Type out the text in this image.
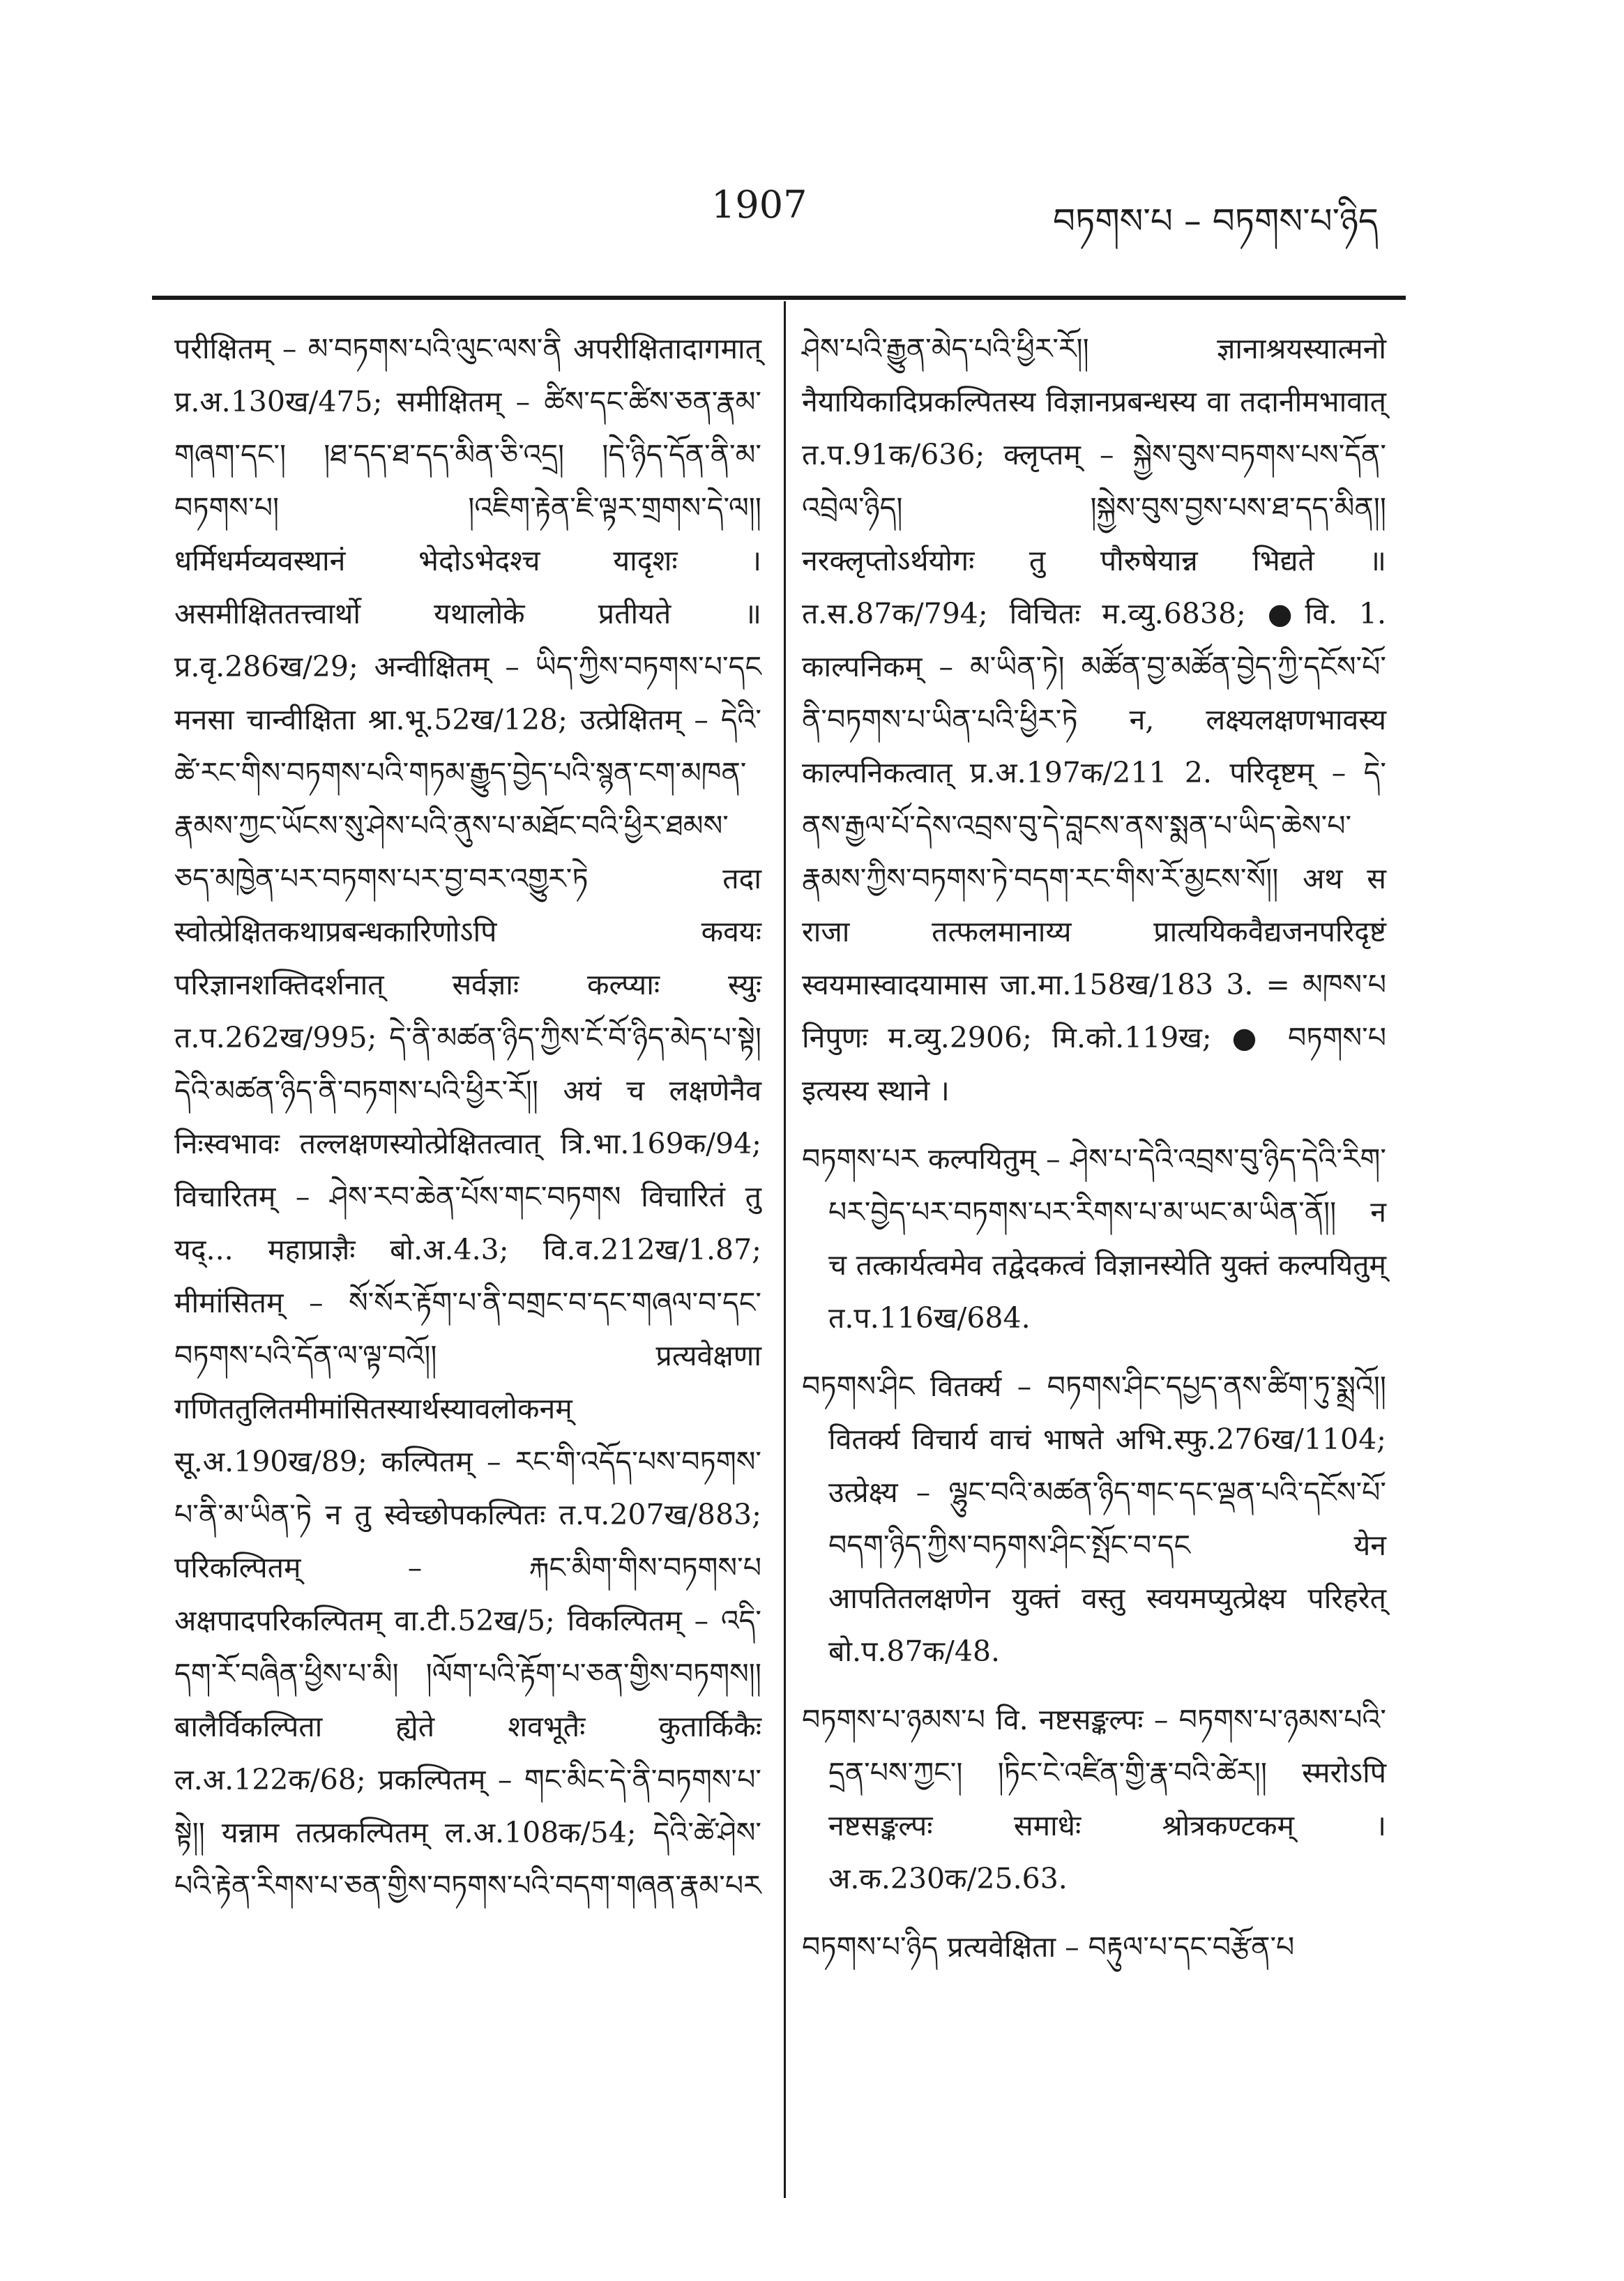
1907	བཏགས་པ – བཏགས་པ་ཉིད

परीक्षितम् – མ་བཏགས་པའི་ལུང་ལས་ནི अपरीक्षितादागमात् प्र.अ.130ख/475; समीक्षितम् – ཚིས་དང་ཚིས་ཅན་རྣམ་གཞག་དང་། །ཐ་དད་ཐ་དད་མིན་ཅི་འདྲ། །དེ་ཉིད་དོན་ནི་མ་བཏགས་པ། །འཇིག་རྟེན་ཇི་ལྟར་གྲགས་དེ་ལ།། धर्मिधर्मव्यवस्थानं भेदोऽभेदश्च यादृशः । असमीक्षिततत्त्वार्थो यथालोके प्रतीयते ॥ प्र.वृ.286ख/29; अन्वीक्षितम् – ཡིད་ཀྱིས་བཏགས་པ་དང मनसा चान्वीक्षिता श्रा.भू.52ख/128; उत्प्रेक्षितम् – དེའི་ཚེ་རང་གིས་བཏགས་པའི་གཏམ་རྒྱུད་བྱེད་པའི་སྙན་ངག་མཁན་རྣམས་ཀྱང་ཡོངས་སུ་ཤེས་པའི་ནུས་པ་མཐོང་བའི་ཕྱིར་ཐམས་ཅད་མཁྱེན་པར་བཏགས་པར་བྱ་བར་འགྱུར་ཏེ तदा स्वोत्प्रेक्षितकथाप्रबन्धकारिणोऽपि कवयः परिज्ञानशक्तिदर्शनात् सर्वज्ञाः कल्प्याः स्युः त.प.262ख/995; དེ་ནི་མཚན་ཉིད་ཀྱིས་ངོ་བོ་ཉིད་མེད་པ་སྟེ། དེའི་མཚན་ཉིད་ནི་བཏགས་པའི་ཕྱིར་རོ།། अयं च लक्षणेनैव निःस्वभावः तल्लक्षणस्योत्प्रेक्षितत्वात् त्रि.भा.169क/94; विचारितम् – ཤེས་རབ་ཆེན་པོས་གང་བཏགས विचारितं तु यद्... महाप्राज्ञैः बो.अ.4.3; वि.व.212ख/1.87; मीमांसितम् – སོ་སོར་རྟོག་པ་ནི་བགྲང་བ་དང་གཞལ་བ་དང་བཏགས་པའི་དོན་ལ་ལྟ་བའོ།། प्रत्यवेक्षणा गणिततुलितमीमांसितस्यार्थस्यावलोकनम् सू.अ.190ख/89; कल्पितम् – རང་གི་འདོད་པས་བཏགས་པ་ནི་མ་ཡིན་ཏེ न तु स्वेच्छोपकल्पितः त.प.207ख/883; परिकल्पितम् – རྐང་མིག་གིས་བཏགས་པ अक्षपादपरिकल्पितम् वा.टी.52ख/5; विकल्पितम् – འདི་དག་རོ་བཞིན་ཕྱིས་པ་མི། །ལོག་པའི་རྟོག་པ་ཅན་གྱིས་བཏགས།། बालैर्विकल्पिता ह्येते शवभूतैः कुतार्किकैः ल.अ.122क/68; प्रकल्पितम् – གང་མིང་དེ་ནི་བཏགས་པ་སྟེ།། यन्नाम तत्प्रकल्पितम् ल.अ.108क/54; དེའི་ཚེ་ཤེས་པའི་རྟེན་རིགས་པ་ཅན་གྱིས་བཏགས་པའི་བདག་གཞན་རྣམ་པར

ཤེས་པའི་རྒྱུན་མེད་པའི་ཕྱིར་རོ།། ज्ञानाश्रयस्यात्मनो नैयायिकादिप्रकल्पितस्य विज्ञानप्रबन्धस्य वा तदानीमभावात् त.प.91क/636; क्लृप्तम् – སྐྱེས་བུས་བཏགས་པས་དོན་འབྲེལ་ཉིད། །སྐྱེས་བུས་བྱས་པས་ཐ་དད་མིན།། नरक्लृप्तोऽर्थयोगः तु पौरुषेयान्न भिद्यते ॥ त.स.87क/794; विचितः म.व्यु.6838; ●वि. 1. काल्पनिकम् – མ་ཡིན་ཏེ། མཚོན་བྱ་མཚོན་བྱེད་ཀྱི་དངོས་པོ་ནི་བཏགས་པ་ཡིན་པའི་ཕྱིར་ཏེ न, लक्ष्यलक्षणभावस्य काल्पनिकत्वात् प्र.अ.197क/211 2. परिदृष्टम् – དེ་ནས་རྒྱལ་པོ་དེས་འབྲས་བུ་དེ་བླངས་ནས་སྨན་པ་ཡིད་ཆེས་པ་རྣམས་ཀྱིས་བཏགས་ཏེ་བདག་རང་གིས་རོ་མྱངས་སོ།། अथ स राजा तत्फलमानाय्य प्रात्ययिकवैद्यजनपरिदृष्टं स्वयमास्वादयामास जा.मा.158ख/183 3. = མཁས་པ निपुणः म.व्यु.2906; मि.को.119ख; ● བཏགས་པ इत्यस्य स्थाने ।

བཏགས་པར कल्पयितुम् – ཤེས་པ་དེའི་འབྲས་བུ་ཉིད་དེའི་རིག་པར་བྱེད་པར་བཏགས་པར་རིགས་པ་མ་ཡང་མ་ཡིན་ནོ།། न च तत्कार्यत्वमेव तद्वेदकत्वं विज्ञानस्येति युक्तं कल्पयितुम् त.प.116ख/684.

བཏགས་ཤིང वितर्क्य – བཏགས་ཤིང་དཔྱད་ནས་ཚིག་ཏུ་སྨྲའོ།། वितर्क्य विचार्य वाचं भाषते अभि.स्फु.276ख/1104; उत्प्रेक्ष्य – ལྷུང་བའི་མཚན་ཉིད་གང་དང་ལྡན་པའི་དངོས་པོ་བདག་ཉིད་ཀྱིས་བཏགས་ཤིང་སྤོང་བ་དང येन आपतितलक्षणेन युक्तं वस्तु स्वयमप्युत्प्रेक्ष्य परिहरेत् बो.प.87क/48.

བཏགས་པ་ཉམས་པ वि. नष्टसङ्कल्पः – བཏགས་པ་ཉམས་པའི་དྲན་པས་ཀྱང་། །ཏིང་ངེ་འཛིན་གྱི་རྣ་བའི་ཚེར།། स्मरोऽपि नष्टसङ्कल्पः समाधेः श्रोत्रकण्टकम् । अ.क.230क/25.63.

བཏགས་པ་ཉིད प्रत्यवेक्षिता – བརྟུལ་པ་དང་བརྩོན་པ
